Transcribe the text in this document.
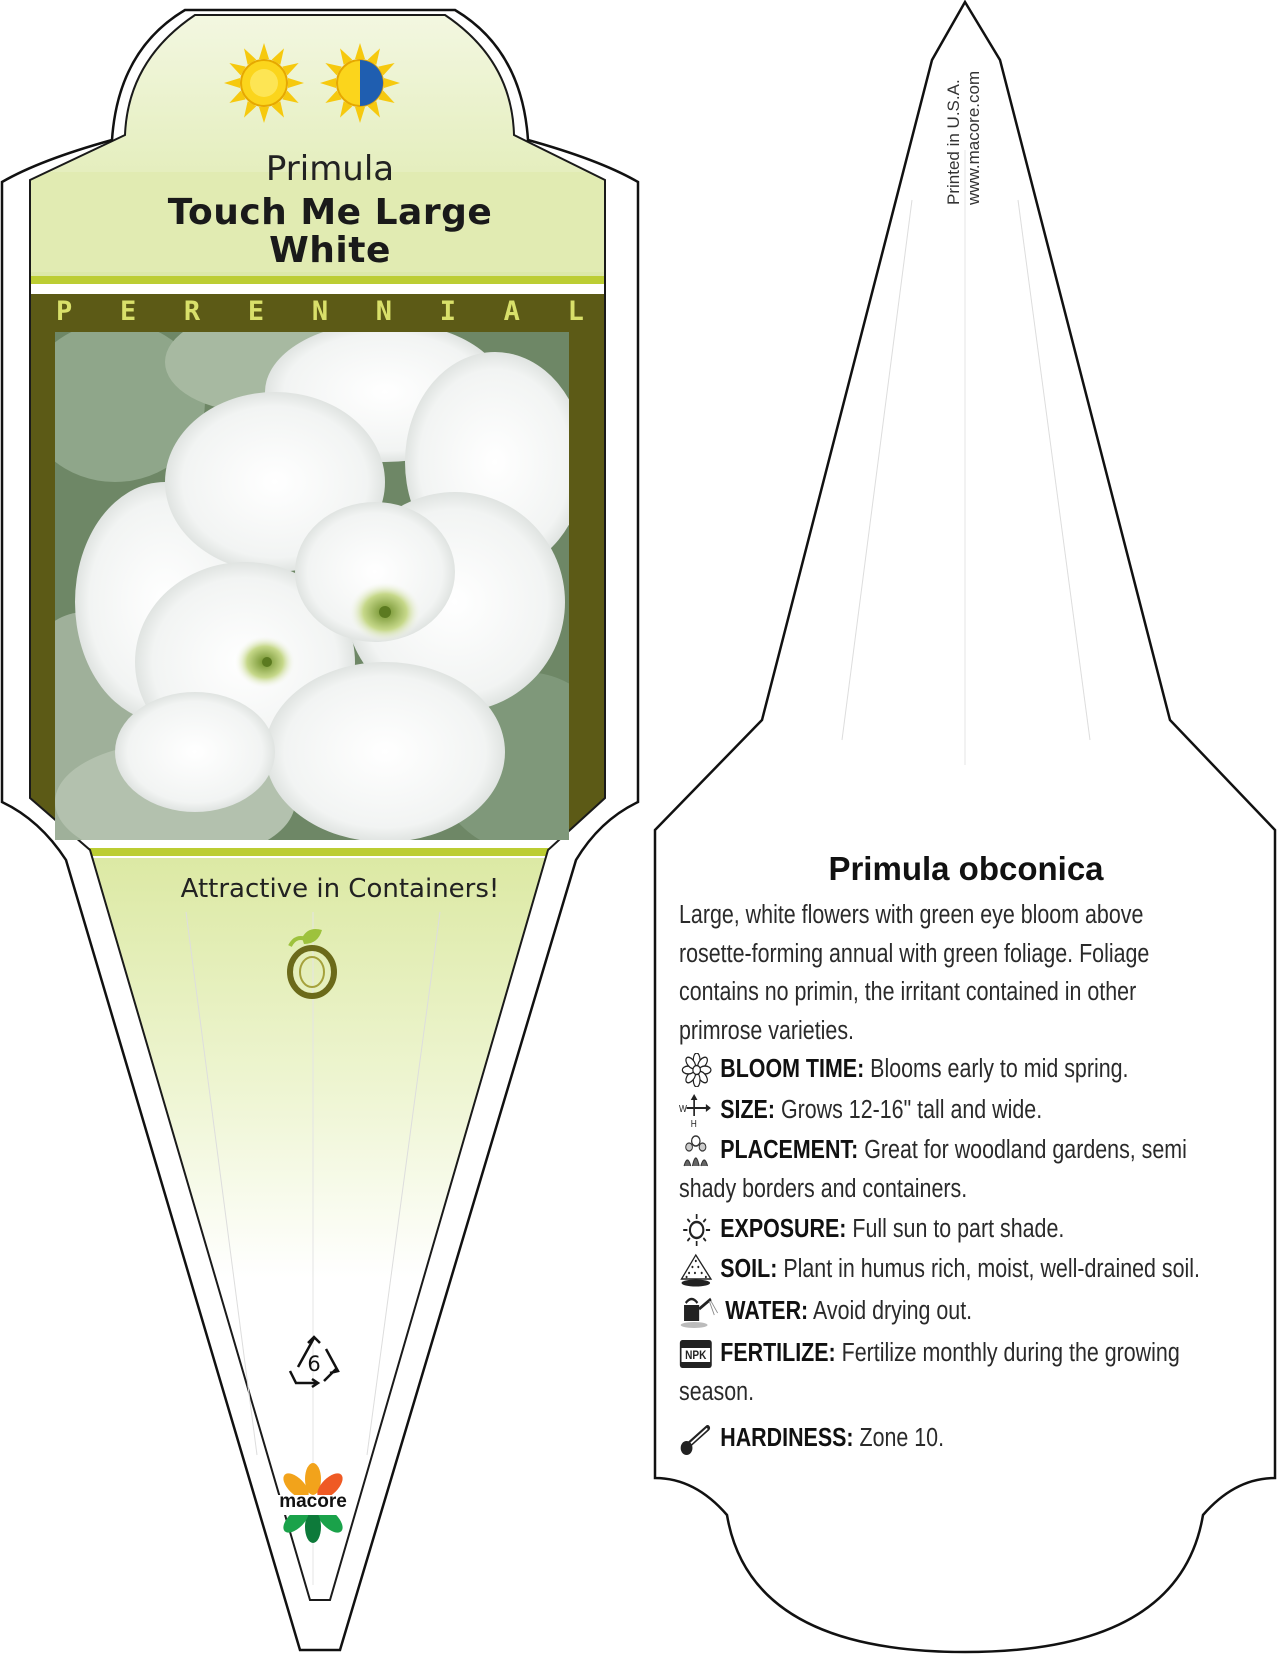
Primula
Touch Me Large
White
P E R E N N I A L
Attractive in Containers!
6
macore
Printed in U.S.A. www.macore.com
Primula obconica
Large, white flowers with green eye bloom above rosette-forming annual with green foliage. Foliage contains no primin, the irritant contained in other primrose varieties.
BLOOM TIME: Blooms early to mid spring.
W
H SIZE: Grows 12-16" tall and wide.
PLACEMENT: Great for woodland gardens, semi shady borders and containers.
EXPOSURE: Full sun to part shade.
SOIL: Plant in humus rich, moist, well-drained soil.
WATER: Avoid drying out.
NPK FERTILIZE: Fertilize monthly during the growing season.
HARDINESS: Zone 10.
